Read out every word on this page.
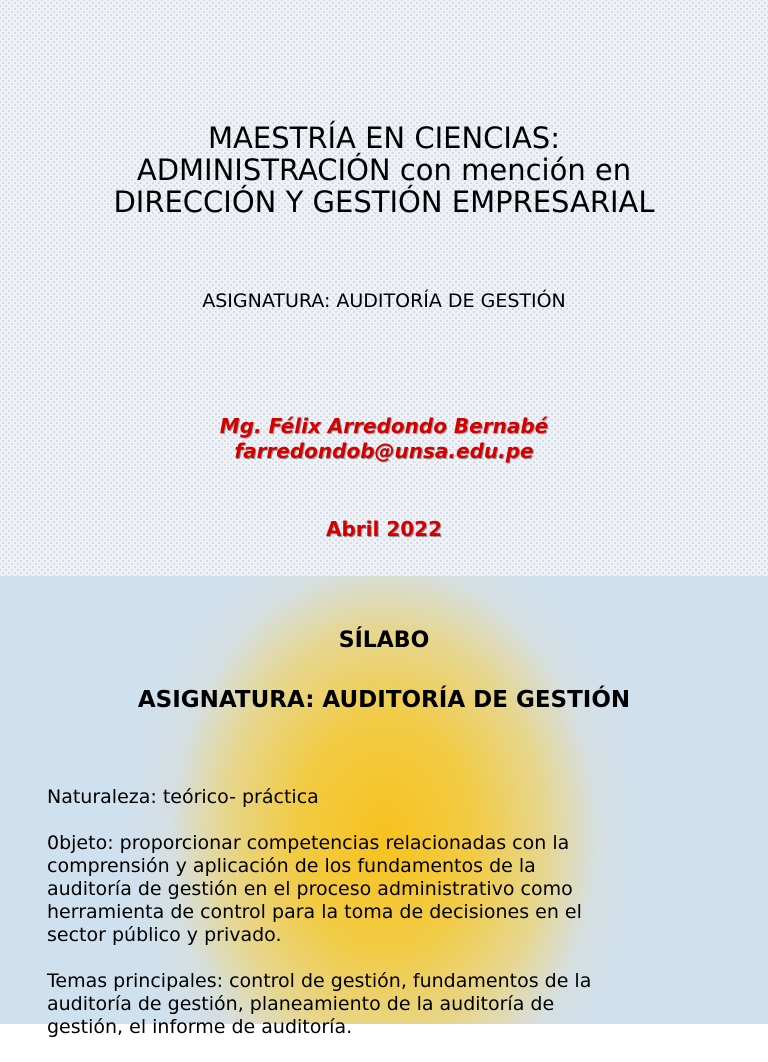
MAESTRÍA EN CIENCIAS:
ADMINISTRACIÓN con mención en
DIRECCIÓN Y GESTIÓN EMPRESARIAL
ASIGNATURA: AUDITORÍA DE GESTIÓN
Mg. Félix Arredondo Bernabé
farredondob@unsa.edu.pe
Abril 2022
SÍLABO
ASIGNATURA: AUDITORÍA DE GESTIÓN

Naturaleza: teórico- práctica

0bjeto: proporcionar competencias relacionadas con la
comprensión y aplicación de los fundamentos de la
auditoría de gestión en el proceso administrativo como
herramienta de control para la toma de decisiones en el
sector público y privado.

Temas principales: control de gestión, fundamentos de la
auditoría de gestión, planeamiento de la auditoría de
gestión, el informe de auditoría.
